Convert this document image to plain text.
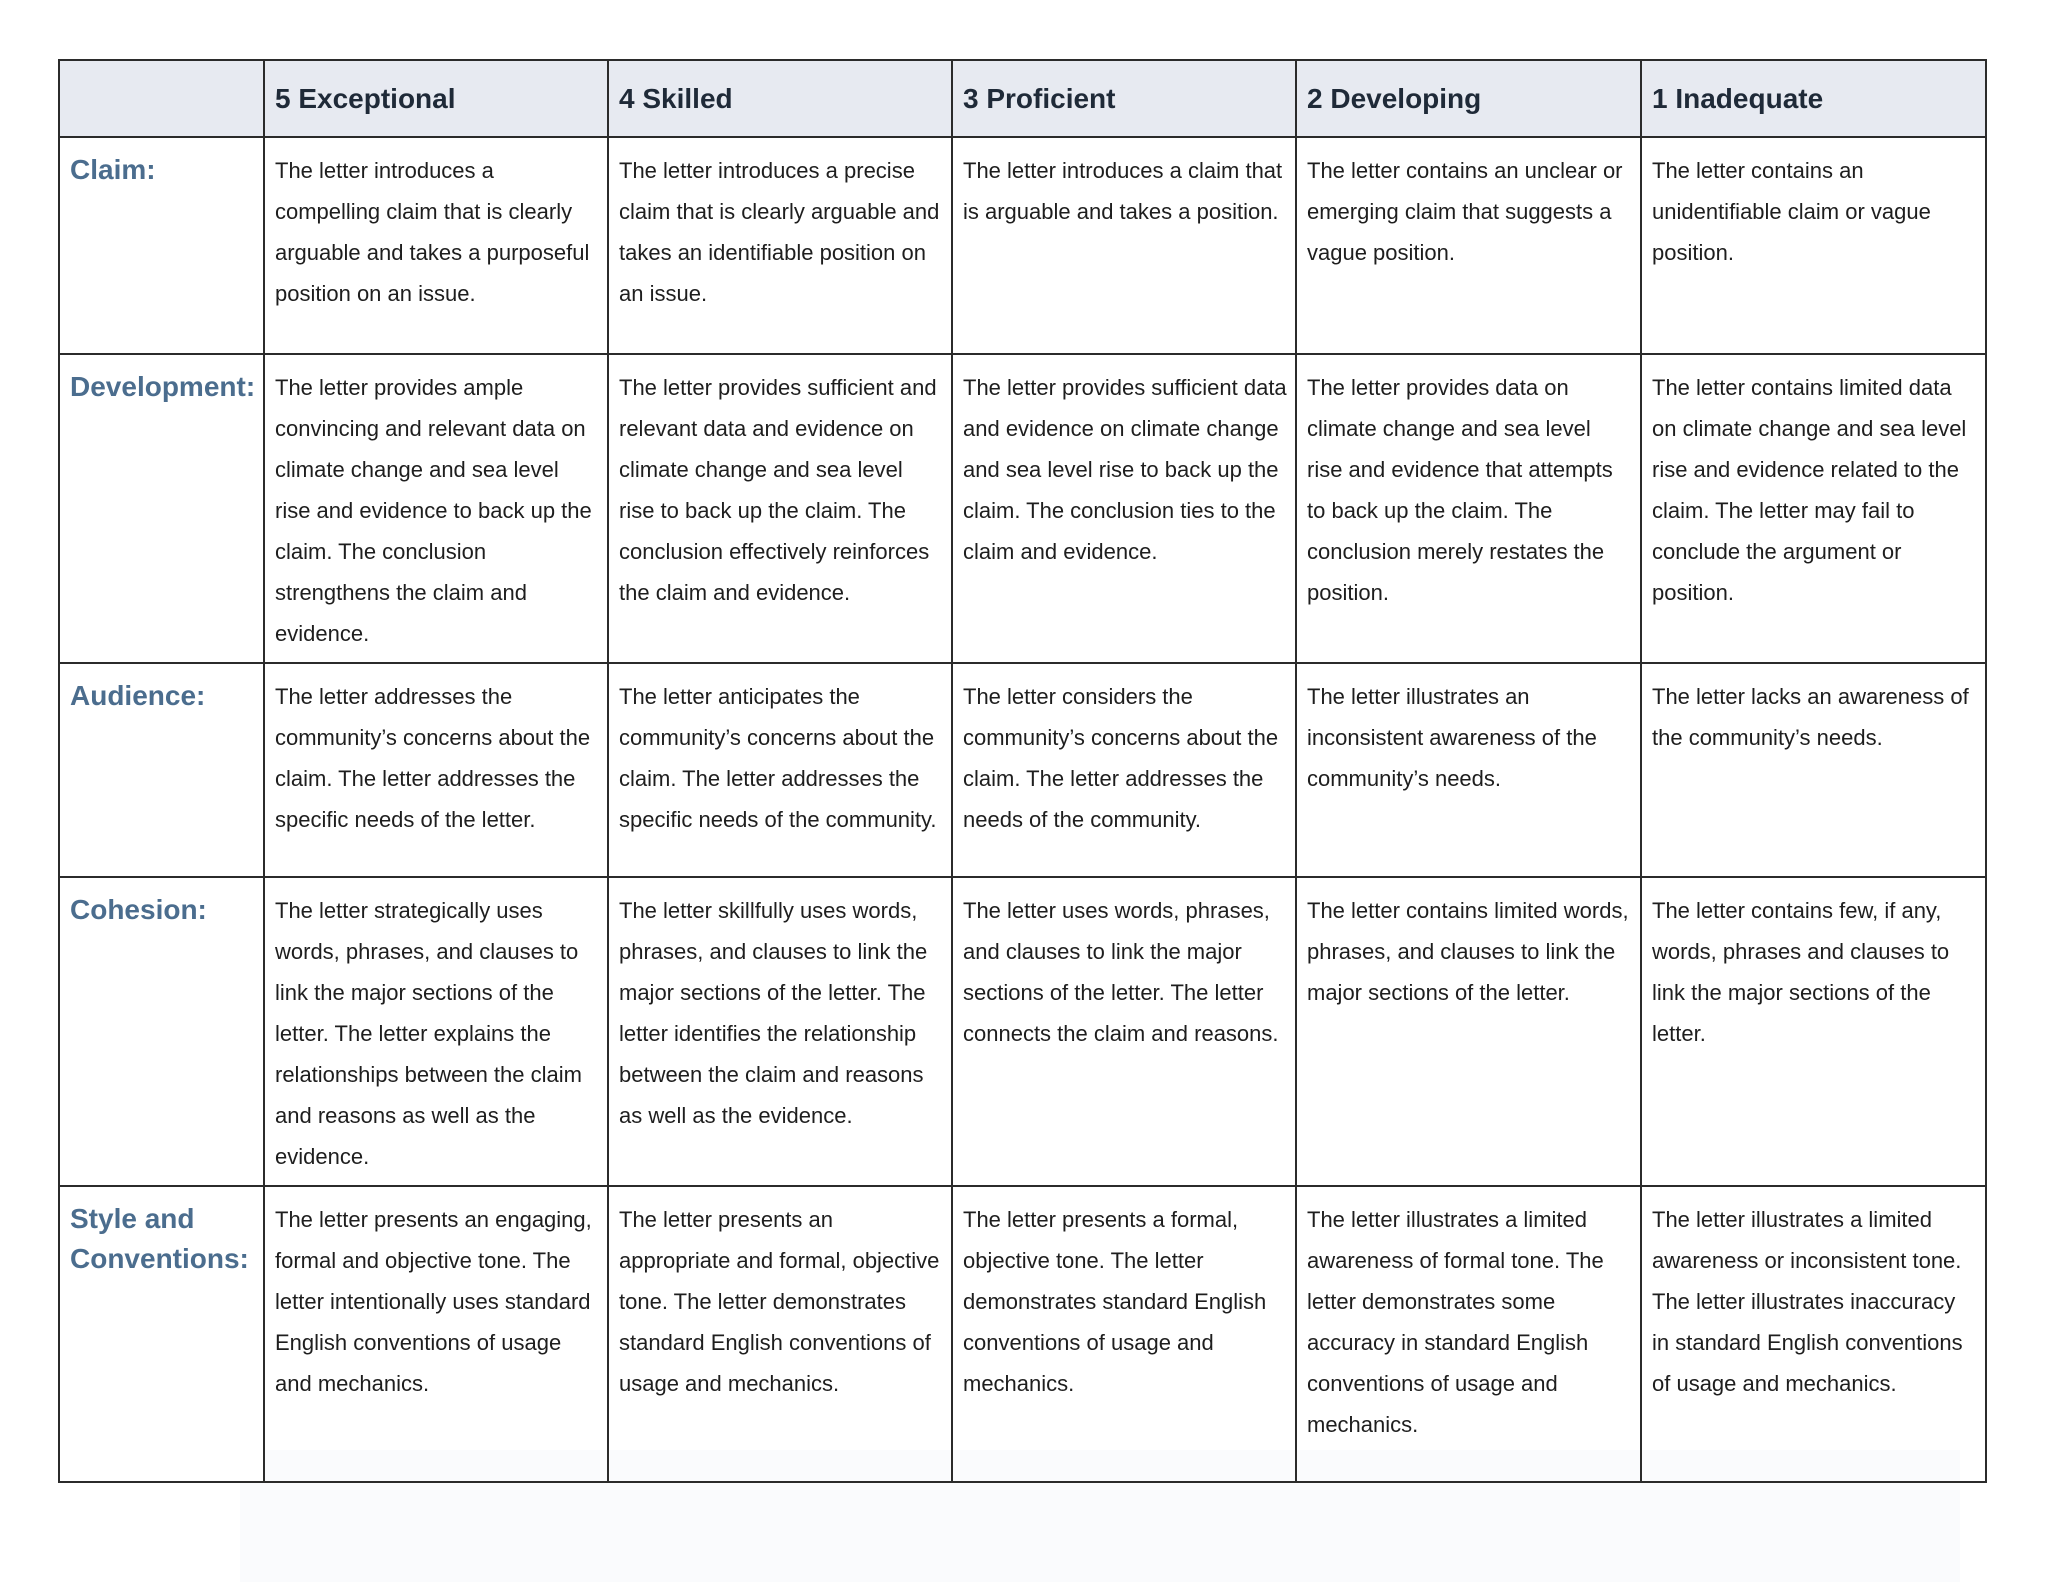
	5 Exceptional	4 Skilled	3 Proficient	2 Developing	1 Inadequate
Claim:	The letter introduces a compelling claim that is clearly arguable and takes a purposeful position on an issue.	The letter introduces a precise claim that is clearly arguable and takes an identifiable position on an issue.	The letter introduces a claim that is arguable and takes a position.	The letter contains an unclear or emerging claim that suggests a vague position.	The letter contains an unidentifiable claim or vague position.
Development:	The letter provides ample convincing and relevant data on climate change and sea level rise and evidence to back up the claim. The conclusion strengthens the claim and evidence.	The letter provides sufficient and relevant data and evidence on climate change and sea level rise to back up the claim. The conclusion effectively reinforces the claim and evidence.	The letter provides sufficient data and evidence on climate change and sea level rise to back up the claim. The conclusion ties to the claim and evidence.	The letter provides data on climate change and sea level rise and evidence that attempts to back up the claim. The conclusion merely restates the position.	The letter contains limited data on climate change and sea level rise and evidence related to the claim. The letter may fail to conclude the argument or position.
Audience:	The letter addresses the community’s concerns about the claim. The letter addresses the specific needs of the letter.	The letter anticipates the community’s concerns about the claim. The letter addresses the specific needs of the community.	The letter considers the community’s concerns about the claim. The letter addresses the needs of the community.	The letter illustrates an inconsistent awareness of the community’s needs.	The letter lacks an awareness of the community’s needs.
Cohesion:	The letter strategically uses words, phrases, and clauses to link the major sections of the letter. The letter explains the relationships between the claim and reasons as well as the evidence.	The letter skillfully uses words, phrases, and clauses to link the major sections of the letter. The letter identifies the relationship between the claim and reasons as well as the evidence.	The letter uses words, phrases, and clauses to link the major sections of the letter. The letter connects the claim and reasons.	The letter contains limited words, phrases, and clauses to link the major sections of the letter.	The letter contains few, if any, words, phrases and clauses to link the major sections of the letter.
Style and Conventions:	The letter presents an engaging, formal and objective tone. The letter intentionally uses standard English conventions of usage and mechanics.	The letter presents an appropriate and formal, objective tone. The letter demonstrates standard English conventions of usage and mechanics.	The letter presents a formal, objective tone. The letter demonstrates standard English conventions of usage and mechanics.	The letter illustrates a limited awareness of formal tone. The letter demonstrates some accuracy in standard English conventions of usage and mechanics.	The letter illustrates a limited awareness or inconsistent tone. The letter illustrates inaccuracy in standard English conventions of usage and mechanics.
